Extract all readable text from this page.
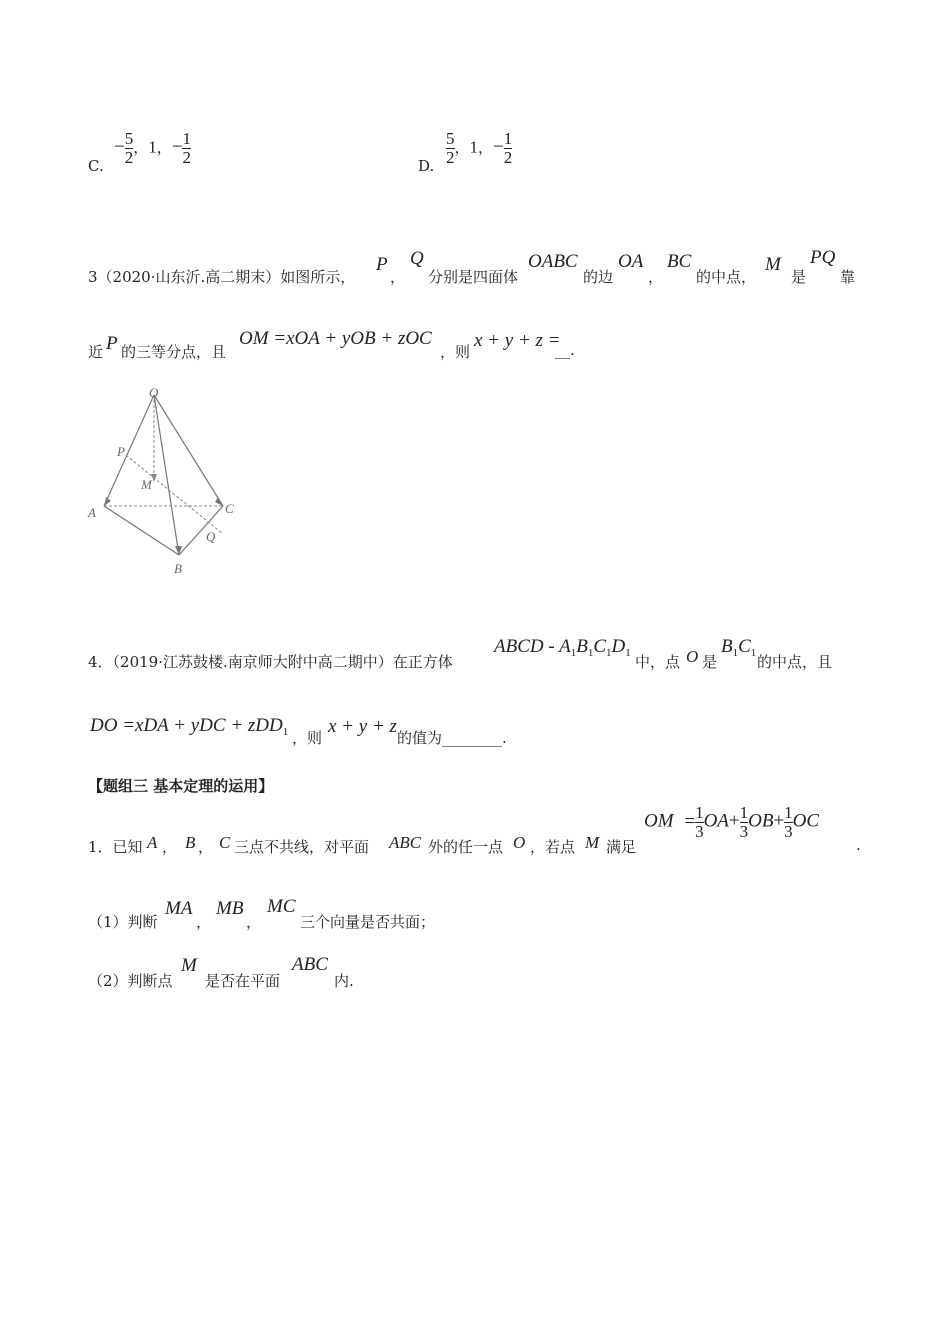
C.
− $\frac{5}{2}$ ，1，− $\frac{1}{2}$	D. $\frac{5}{2}$ ，1，− $\frac{1}{2}$
3（2020·山东沂.高二期末）如图所示，
P
，
Q
分别是四面体
OABC
的边
OA
，
BC
的中点，
M
是
PQ
靠
近 P 的三等分点，且
OM =xOA + yOB + zOC
，则
x + y + z =
__.
O
P
M
A	C
Q
B
4．（2019·江苏鼓楼.南京师大附中高二期中）在正方体
ABCD - $A_1B_1C_1D_1$ 中，点 O 是
$B_1C_1$ 的中点，且
DO =xDA + yDC + zDD$_1$ ，则
x + y + z
的值为________.
【题组三 基本定理的运用】
1．已知 A ， B ， C 三点不共线，对平面 ABC 外的任一点 O ，若点 M 满足
OM = $\frac{1}{3} OA+ \frac{1}{3} OB+ \frac{1}{3}$ OC
.
（1）判断
MA
，
MB
，
MC
三个向量是否共面；
（2）判断点
M
是否在平面
ABC
内.
